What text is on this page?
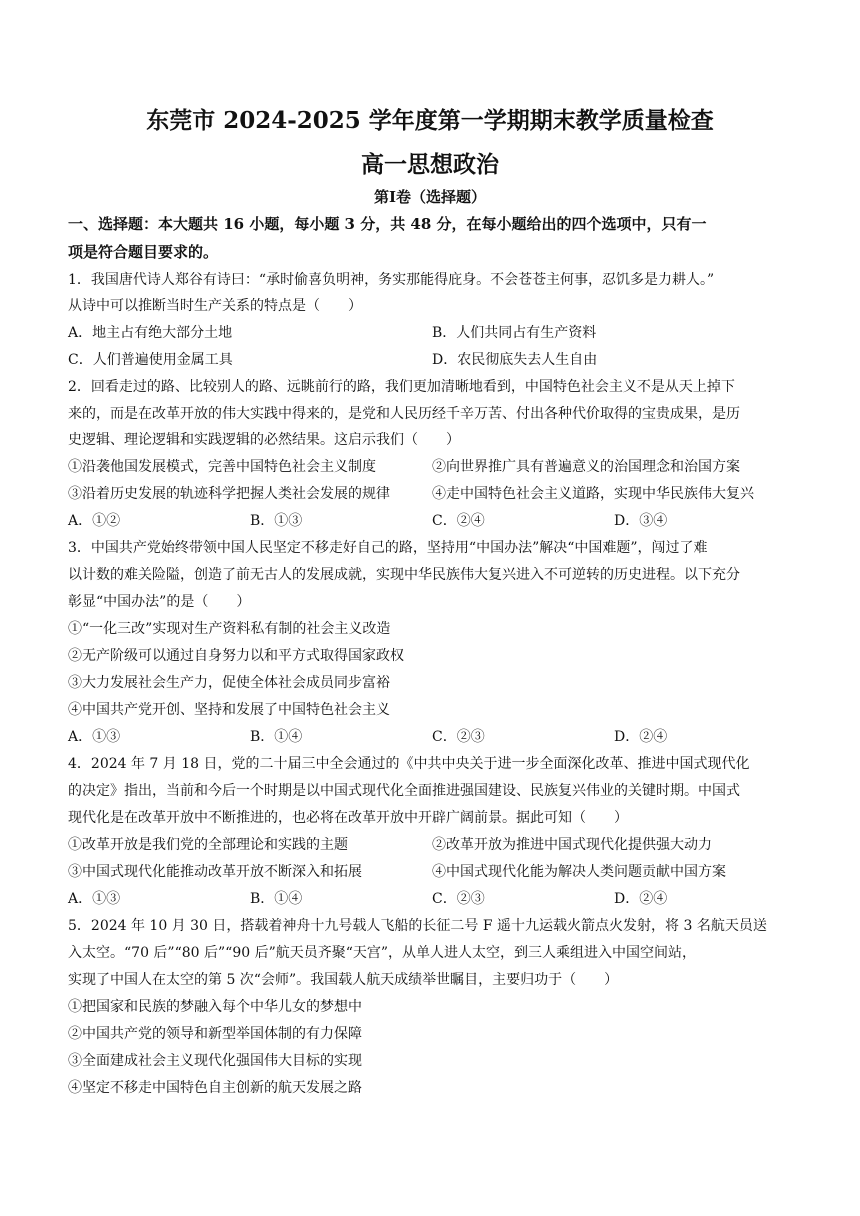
东莞市 2024-2025 学年度第一学期期末教学质量检查
高一思想政治
第Ⅰ卷（选择题）
一、选择题：本大题共 16 小题，每小题 3 分，共 48 分，在每小题给出的四个选项中，只有一
项是符合题目要求的。
1．我国唐代诗人郑谷有诗曰：“承时偷喜负明神，务实那能得庇身。不会苍苍主何事，忍饥多是力耕人。”
从诗中可以推断当时生产关系的特点是（　　）
A．地主占有绝大部分土地	B．人们共同占有生产资料
C．人们普遍使用金属工具	D．农民彻底失去人生自由
2．回看走过的路、比较别人的路、远眺前行的路，我们更加清晰地看到，中国特色社会主义不是从天上掉下
来的，而是在改革开放的伟大实践中得来的，是党和人民历经千辛万苦、付出各种代价取得的宝贵成果，是历
史逻辑、理论逻辑和实践逻辑的必然结果。这启示我们（　　）
①沿袭他国发展模式，完善中国特色社会主义制度	②向世界推广具有普遍意义的治国理念和治国方案
③沿着历史发展的轨迹科学把握人类社会发展的规律	④走中国特色社会主义道路，实现中华民族伟大复兴
A．①②	B．①③	C．②④	D．③④
3．中国共产党始终带领中国人民坚定不移走好自己的路，坚持用“中国办法”解决“中国难题”，闯过了难
以计数的难关险隘，创造了前无古人的发展成就，实现中华民族伟大复兴进入不可逆转的历史进程。以下充分
彰显“中国办法”的是（　　）
①“一化三改”实现对生产资料私有制的社会主义改造
②无产阶级可以通过自身努力以和平方式取得国家政权
③大力发展社会生产力，促使全体社会成员同步富裕
④中国共产党开创、坚持和发展了中国特色社会主义
A．①③	B．①④	C．②③	D．②④
4．2024 年 7 月 18 日，党的二十届三中全会通过的《中共中央关于进一步全面深化改革、推进中国式现代化
的决定》指出，当前和今后一个时期是以中国式现代化全面推进强国建设、民族复兴伟业的关键时期。中国式
现代化是在改革开放中不断推进的，也必将在改革开放中开辟广阔前景。据此可知（　　）
①改革开放是我们党的全部理论和实践的主题	②改革开放为推进中国式现代化提供强大动力
③中国式现代化能推动改革开放不断深入和拓展	④中国式现代化能为解决人类问题贡献中国方案
A．①③	B．①④	C．②③	D．②④
5．2024 年 10 月 30 日，搭载着神舟十九号载人飞船的长征二号 F 遥十九运载火箭点火发射，将 3 名航天员送
入太空。“70 后”“80 后”“90 后”航天员齐聚“天宫”，从单人进人太空，到三人乘组进入中国空间站，
实现了中国人在太空的第 5 次“会师”。我国载人航天成绩举世瞩目，主要归功于（　　）
①把国家和民族的梦融入每个中华儿女的梦想中
②中国共产党的领导和新型举国体制的有力保障
③全面建成社会主义现代化强国伟大目标的实现
④坚定不移走中国特色自主创新的航天发展之路
